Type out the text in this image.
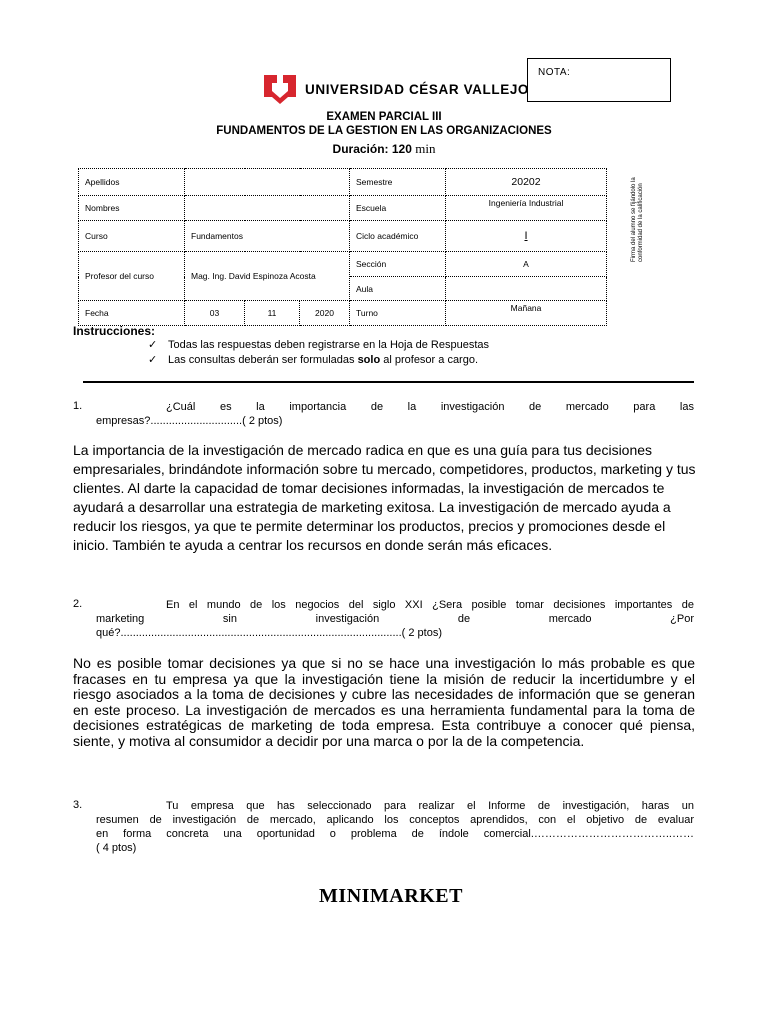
NOTA:
UNIVERSIDAD CÉSAR VALLEJO
EXAMEN PARCIAL III
FUNDAMENTOS DE LA GESTION EN LAS ORGANIZACIONES
Duración: 120 min
Firma del alumno se fijándolo la conformidad de la calificación
Apellidos				Semestre	20202
Nombres				Escuela	Ingeniería Industrial

Curso	Fundamentos			Ciclo académico	I
Profesor del curso	Mag. Ing. David Espinoza Acosta			Sección	A
				Aula	
Fecha	03	11	2020	Turno	Mañana
Instrucciones:
✓ Todas las respuestas deben registrarse en la Hoja de Respuestas
✓ Las consultas deberán ser formuladas solo al profesor a cargo.
1.	¿Cuál es la importancia de la investigación de mercado para las
empresas?..............................( 2 ptos)
La importancia de la investigación de mercado radica en que es una guía para tus decisiones empresariales, brindándote información sobre tu mercado, competidores, productos, marketing y tus clientes. Al darte la capacidad de tomar decisiones informadas, la investigación de mercados te ayudará a desarrollar una estrategia de marketing exitosa. La investigación de mercado ayuda a reducir los riesgos, ya que te permite determinar los productos, precios y promociones desde el inicio. También te ayuda a centrar los recursos en donde serán más eficaces.
2.	En el mundo de los negocios del siglo XXI ¿Sera posible tomar decisiones importantes de
marketing sin investigación de mercado ¿Por
qué?............................................................................................( 2 ptos)
No es posible tomar decisiones ya que si no se hace una investigación lo más probable es que fracases en tu empresa ya que la investigación tiene la misión de reducir la incertidumbre y el riesgo asociados a la toma de decisiones y cubre las necesidades de información que se generan en este proceso. La investigación de mercados es una herramienta fundamental para la toma de decisiones estratégicas de marketing de toda empresa. Esta contribuye a conocer qué piensa, siente, y motiva al consumidor a decidir por una marca o por la de la competencia.
3.	Tu empresa que has seleccionado para realizar el Informe de investigación, haras un
resumen de investigación de mercado, aplicando los conceptos aprendidos, con el objetivo de evaluar
en forma concreta una oportunidad o problema de índole comercial.………………………………..……
( 4 ptos)
MINIMARKET
